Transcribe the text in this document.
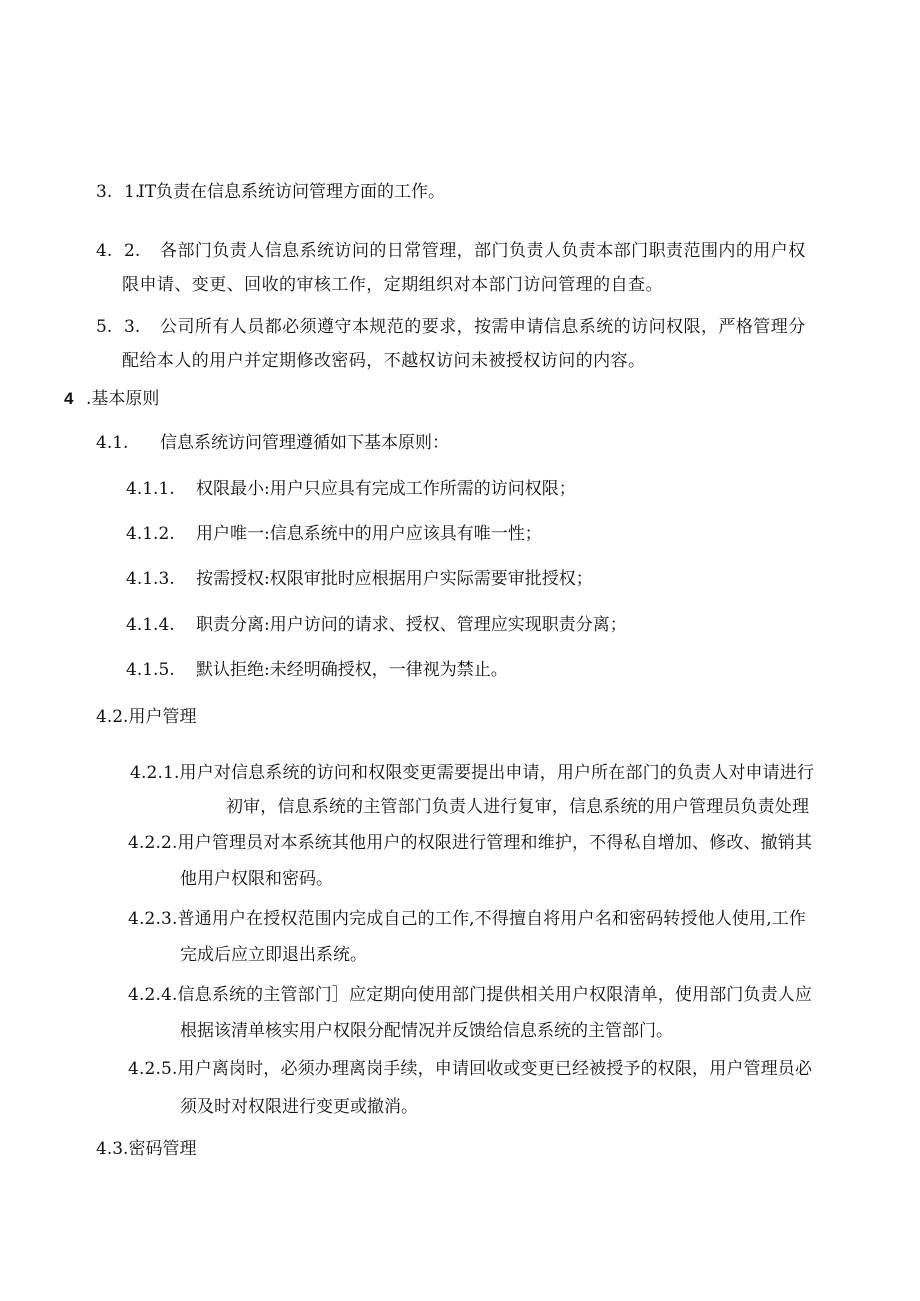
3. 1.
IT负责在信息系统访问管理方面的工作。
4. 2. 各部门负责人信息系统访问的日常管理，部门负责人负责本部门职责范围内的用户权
限申请、变更、回收的审核工作，定期组织对本部门访问管理的自查。
5. 3. 公司所有人员都必须遵守本规范的要求，按需申请信息系统的访问权限，严格管理分
配给本人的用户并定期修改密码，不越权访问未被授权访问的内容。
4 .基本原则
4.1. 信息系统访问管理遵循如下基本原则：
4.1.1. 权限最小:用户只应具有完成工作所需的访问权限；
4.1.2. 用户唯一:信息系统中的用户应该具有唯一性；
4.1.3. 按需授权:权限审批时应根据用户实际需要审批授权；
4.1.4. 职责分离:用户访问的请求、授权、管理应实现职责分离；
4.1.5. 默认拒绝:未经明确授权，一律视为禁止。
4.2.用户管理
4.2.1.用户对信息系统的访问和权限变更需要提出申请，用户所在部门的负责人对申请进行
初审，信息系统的主管部门负责人进行复审，信息系统的用户管理员负责处理
4.2.2.用户管理员对本系统其他用户的权限进行管理和维护，不得私自增加、修改、撤销其
他用户权限和密码。
4.2.3.普通用户在授权范围内完成自己的工作,不得擅自将用户名和密码转授他人使用,工作
完成后应立即退出系统。
4.2.4.信息系统的主管部门］应定期向使用部门提供相关用户权限清单，使用部门负责人应
根据该清单核实用户权限分配情况并反馈给信息系统的主管部门。
4.2.5.用户离岗时，必须办理离岗手续，申请回收或变更已经被授予的权限，用户管理员必
须及时对权限进行变更或撤消。
4.3.密码管理
